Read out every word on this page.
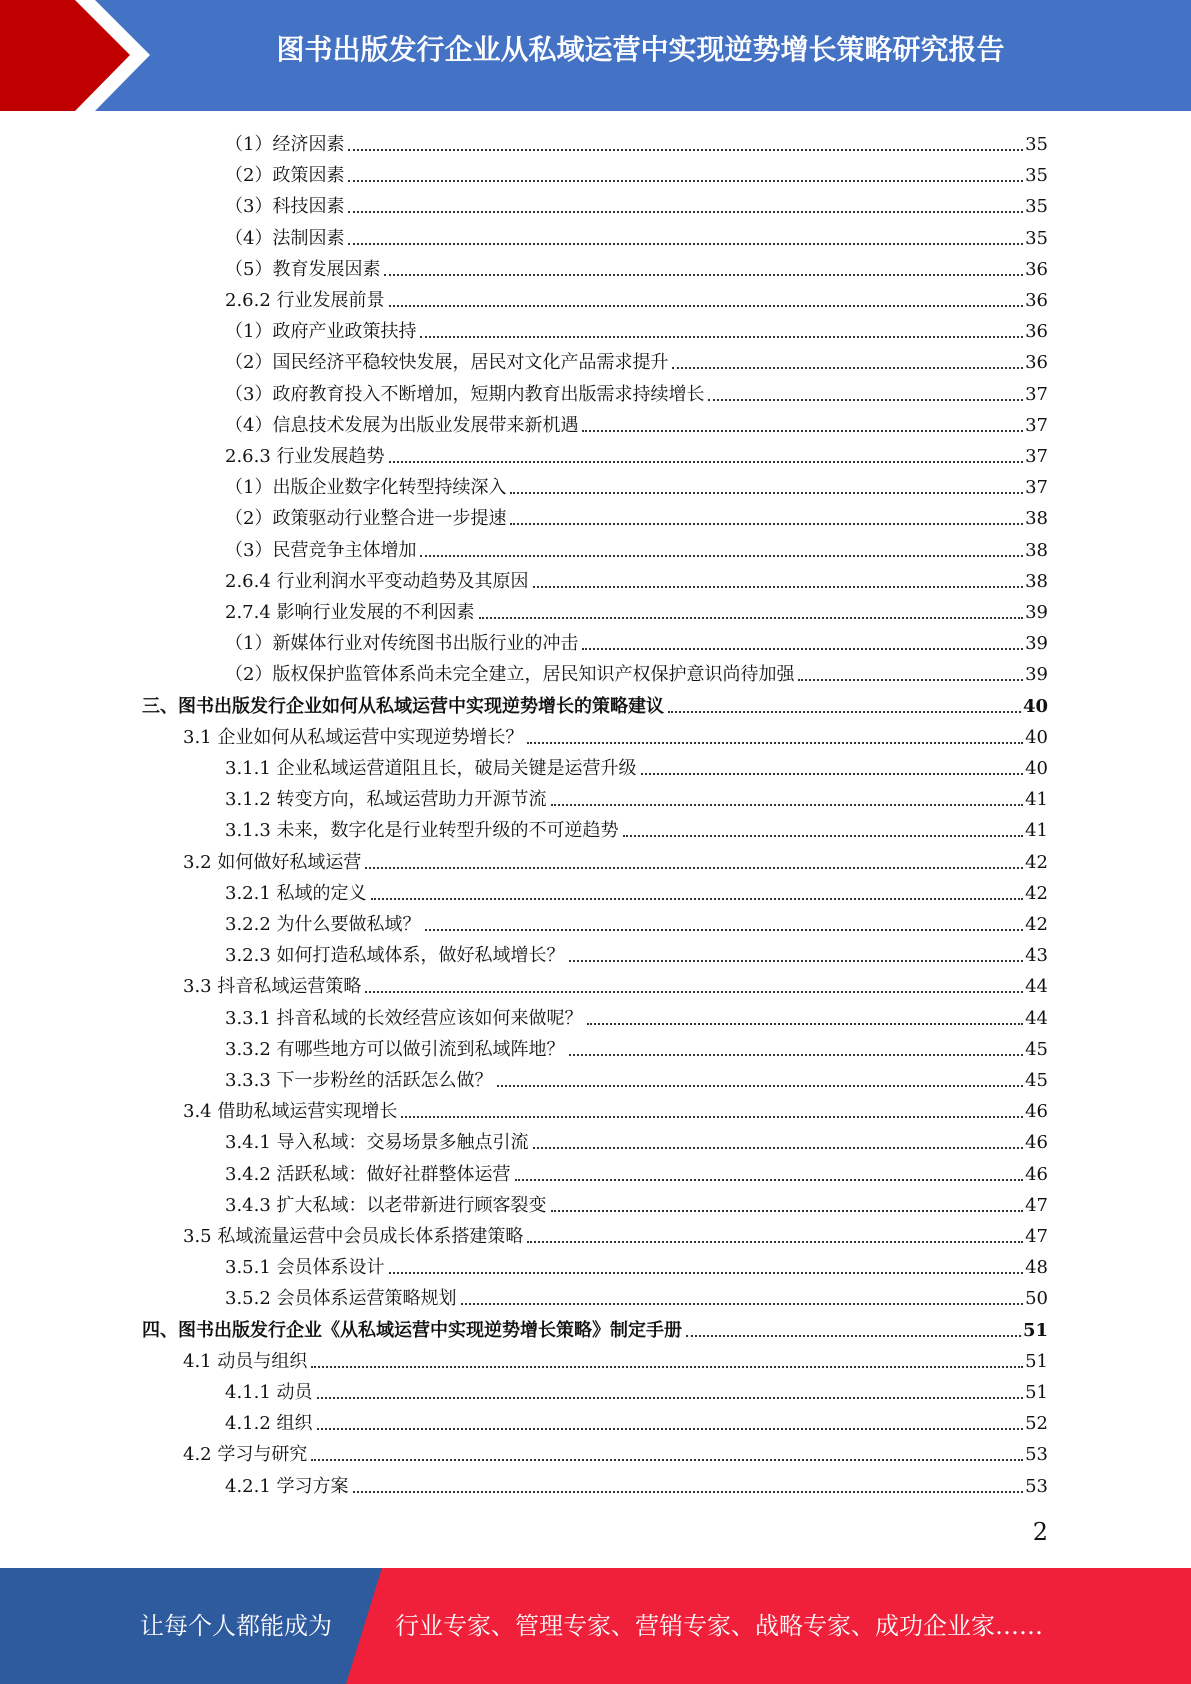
图书出版发行企业从私域运营中实现逆势增长策略研究报告
（1）经济因素	35
（2）政策因素	35
（3）科技因素	35
（4）法制因素	35
（5）教育发展因素	36
2.6.2 行业发展前景	36
（1）政府产业政策扶持	36
（2）国民经济平稳较快发展，居民对文化产品需求提升	36
（3）政府教育投入不断增加，短期内教育出版需求持续增长	37
（4）信息技术发展为出版业发展带来新机遇	37
2.6.3 行业发展趋势	37
（1）出版企业数字化转型持续深入	37
（2）政策驱动行业整合进一步提速	38
（3）民营竞争主体增加	38
2.6.4 行业利润水平变动趋势及其原因	38
2.7.4 影响行业发展的不利因素	39
（1）新媒体行业对传统图书出版行业的冲击	39
（2）版权保护监管体系尚未完全建立，居民知识产权保护意识尚待加强	39
三、图书出版发行企业如何从私域运营中实现逆势增长的策略建议	40
3.1 企业如何从私域运营中实现逆势增长？	40
3.1.1 企业私域运营道阻且长，破局关键是运营升级	40
3.1.2 转变方向，私域运营助力开源节流	41
3.1.3 未来，数字化是行业转型升级的不可逆趋势	41
3.2 如何做好私域运营	42
3.2.1 私域的定义	42
3.2.2 为什么要做私域？	42
3.2.3 如何打造私域体系，做好私域增长？	43
3.3 抖音私域运营策略	44
3.3.1 抖音私域的长效经营应该如何来做呢？	44
3.3.2 有哪些地方可以做引流到私域阵地？	45
3.3.3 下一步粉丝的活跃怎么做？	45
3.4 借助私域运营实现增长	46
3.4.1 导入私域：交易场景多触点引流	46
3.4.2 活跃私域：做好社群整体运营	46
3.4.3 扩大私域：以老带新进行顾客裂变	47
3.5 私域流量运营中会员成长体系搭建策略	47
3.5.1 会员体系设计	48
3.5.2 会员体系运营策略规划	50
四、图书出版发行企业《从私域运营中实现逆势增长策略》制定手册	51
4.1 动员与组织	51
4.1.1 动员	51
4.1.2 组织	52
4.2 学习与研究	53
4.2.1 学习方案	53
2
让每个人都能成为	行业专家、管理专家、营销专家、战略专家、成功企业家……
